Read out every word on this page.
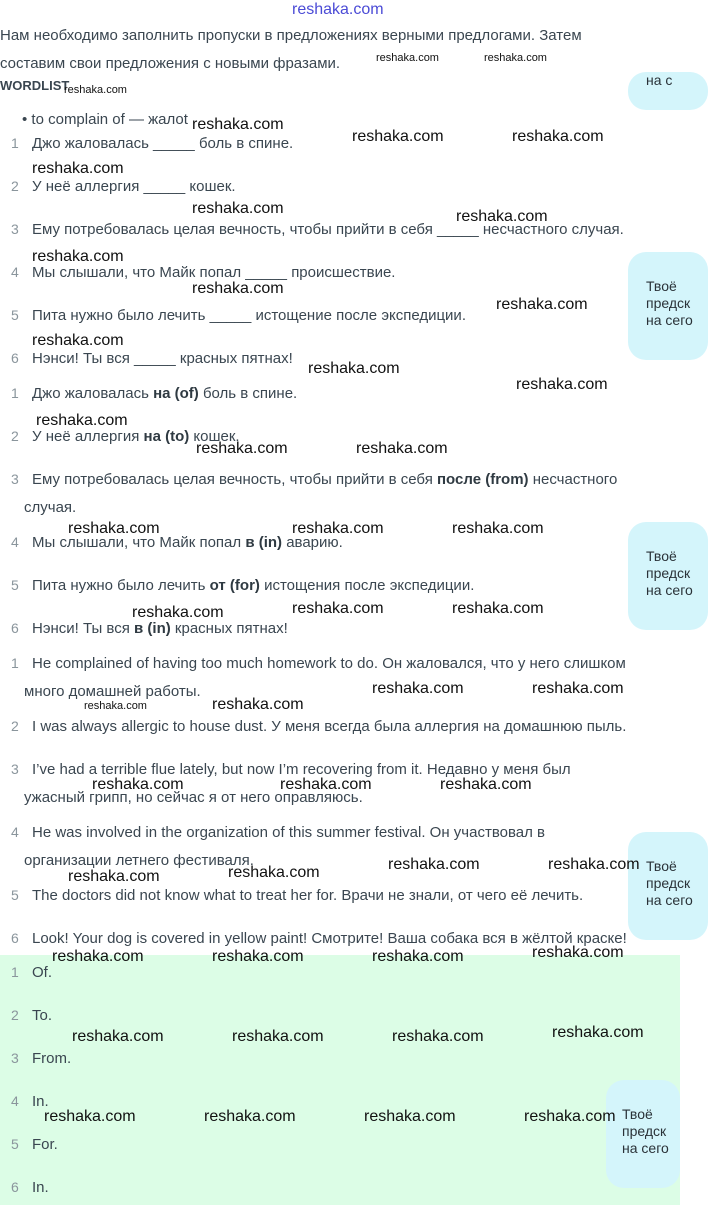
reshaka.com
Нам необходимо заполнить пропуски в предложениях верными предлогами. Затем
составим свои предложения с новыми фразами.
WORDLIST
• to complain of — жалоt
1 Джо жаловалась _____ боль в спине.
2 У неё аллергия _____ кошек.
3 Ему потребовалась целая вечность, чтобы прийти в себя _____ несчастного случая.
4 Мы слышали, что Майк попал _____ происшествие.
5 Пита нужно было лечить _____ истощение после экспедиции.
6 Нэнси! Ты вся _____ красных пятнах!
1 Джо жаловалась на (of) боль в спине.
2 У неё аллергия на (to) кошек.
3 Ему потребовалась целая вечность, чтобы прийти в себя после (from) несчастного
случая.
4 Мы слышали, что Майк попал в (in) аварию.
5 Пита нужно было лечить от (for) истощения после экспедиции.
6 Нэнси! Ты вся в (in) красных пятнах!
1 He complained of having too much homework to do. Он жаловался, что у него слишком
много домашней работы.
2 I was always allergic to house dust. У меня всегда была аллергия на домашнюю пыль.
3 I’ve had a terrible flue lately, but now I’m recovering from it. Недавно у меня был
ужасный грипп, но сейчас я от него оправляюсь.
4 He was involved in the organization of this summer festival. Он участвовал в
организации летнего фестиваля.
5 The doctors did not know what to treat her for. Врачи не знали, от чего её лечить.
6 Look! Your dog is covered in yellow paint! Смотрите! Ваша собака вся в жёлтой краске!
1 Of.
2 To.
3 From.
4 In.
5 For.
6 In.
на с
Твоё
предск
на сего
Твоё
предск
на сего
Твоё
предск
на сего
Твоё
предск
на сего
reshaka.com	reshaka.com
reshaka.com
reshaka.com
reshaka.com	reshaka.com
reshaka.com
reshaka.com	reshaka.com
reshaka.com
reshaka.com
reshaka.com
reshaka.com
reshaka.com
reshaka.com
reshaka.com
reshaka.com	reshaka.com
reshaka.com	reshaka.com	reshaka.com
reshaka.com	reshaka.com	reshaka.com
reshaka.com	reshaka.com
reshaka.com
reshaka.com
reshaka.com	reshaka.com	reshaka.com
reshaka.com	reshaka.com
reshaka.com
reshaka.com
reshaka.com	reshaka.com	reshaka.com	reshaka.com
reshaka.com	reshaka.com	reshaka.com	reshaka.com
reshaka.com	reshaka.com	reshaka.com	reshaka.com
